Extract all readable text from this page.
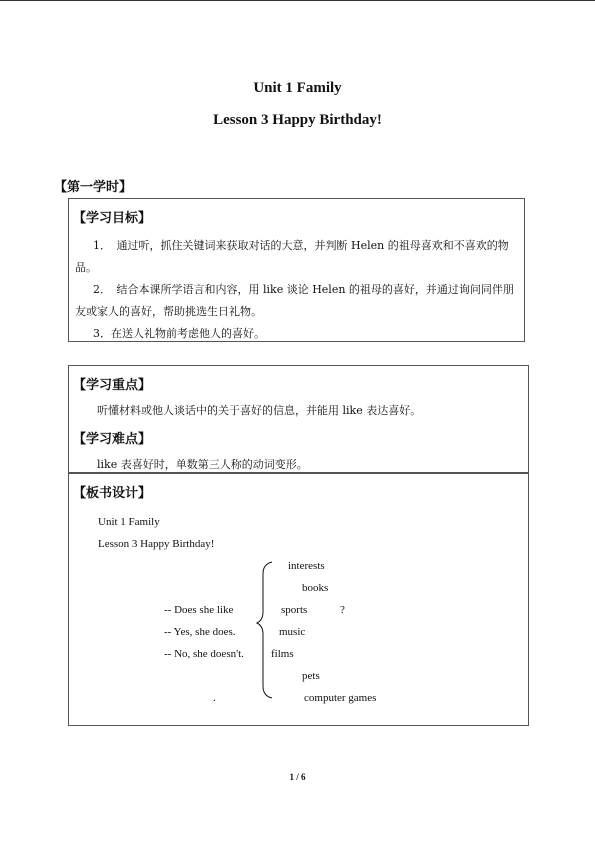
Unit 1 Family
Lesson 3 Happy Birthday!
【第一学时】
【学习目标】
1．　通过听，抓住关键词来获取对话的大意，并判断 Helen 的祖母喜欢和不喜欢的物品。
2．　结合本课所学语言和内容，用 like 谈论 Helen 的祖母的喜好，并通过询问同伴朋友或家人的喜好，帮助挑选生日礼物。
3．在送人礼物前考虑他人的喜好。
【学习重点】
听懂材料或他人谈话中的关于喜好的信息，并能用 like 表达喜好。
【学习难点】
like 表喜好时，单数第三人称的动词变形。
【板书设计】
Unit 1 Family
Lesson 3 Happy Birthday!
interests
books
-- Does she like	sports	?
-- Yes, she does.	music
-- No, she doesn't. films
pets
.	computer games
1 / 6
